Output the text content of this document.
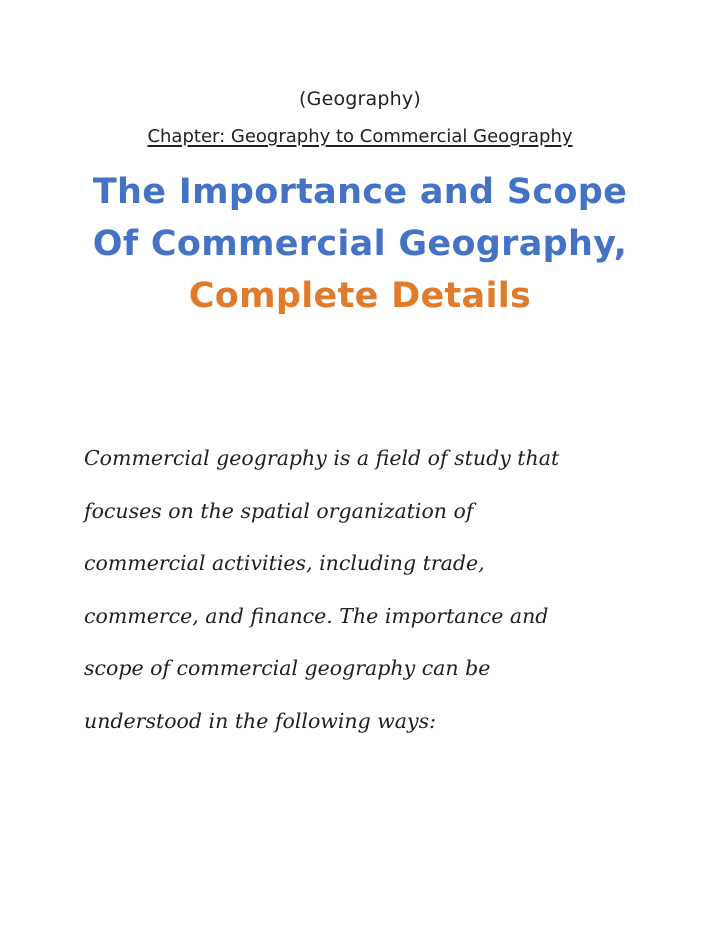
(Geography)
Chapter: Geography to Commercial Geography
The Importance and Scope
Of Commercial Geography,
Complete Details
Commercial geography is a field of study that
focuses on the spatial organization of
commercial activities, including trade,
commerce, and finance. The importance and
scope of commercial geography can be
understood in the following ways:
